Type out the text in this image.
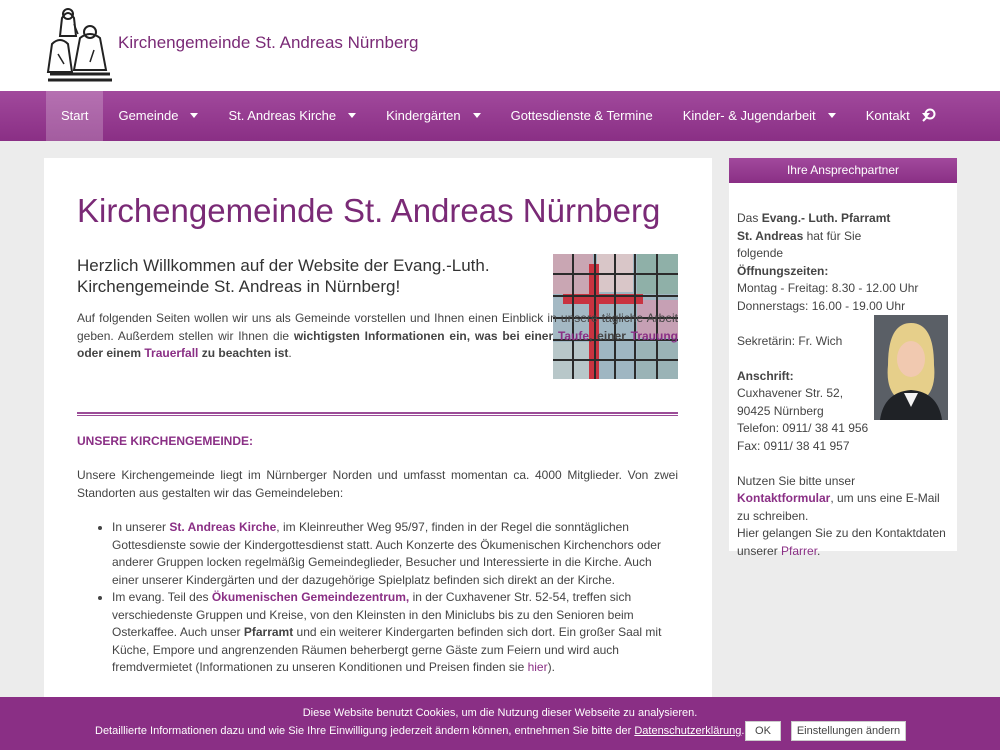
Kirchengemeinde St. Andreas Nürnberg
Start	Gemeinde	St. Andreas Kirche	Kindergärten	Gottesdienste & Termine	Kinder- & Jugendarbeit	Kontakt
Kirchengemeinde St. Andreas Nürnberg
Herzlich Willkommen auf der Website der Evang.-Luth. Kirchengemeinde St. Andreas in Nürnberg!

Auf folgenden Seiten wollen wir uns als Gemeinde vorstellen und Ihnen einen Einblick in unsere tägliche Arbeit geben. Außerdem stellen wir Ihnen die wichtigsten Informationen ein, was bei einer Taufe, einer Trauung oder einem Trauerfall zu beachten ist.

UNSERE KIRCHENGEMEINDE:

Unsere Kirchengemeinde liegt im Nürnberger Norden und umfasst momentan ca. 4000 Mitglieder. Von zwei Standorten aus gestalten wir das Gemeindeleben:

• In unserer St. Andreas Kirche, im Kleinreuther Weg 95/97, finden in der Regel die sonntäglichen Gottesdienste sowie der Kindergottesdienst statt. Auch Konzerte des Ökumenischen Kirchenchors oder anderer Gruppen locken regelmäßig Gemeindeglieder, Besucher und Interessierte in die Kirche. Auch einer unserer Kindergärten und der dazugehörige Spielplatz befinden sich direkt an der Kirche.
• Im evang. Teil des Ökumenischen Gemeindezentrum, in der Cuxhavener Str. 52-54, treffen sich verschiedenste Gruppen und Kreise, von den Kleinsten in den Miniclubs bis zu den Senioren beim Osterkaffee. Auch unser Pfarramt und ein weiterer Kindergarten befinden sich dort. Ein großer Saal mit Küche, Empore und angrenzenden Räumen beherbergt gerne Gäste zum Feiern und wird auch fremdvermietet (Informationen zu unseren Konditionen und Preisen finden sie hier).
Ihre Ansprechpartner
Das Evang.- Luth. Pfarramt St. Andreas hat für Sie folgende
Öffnungszeiten:
Montag - Freitag: 8.30 - 12.00 Uhr
Donnerstags: 16.00 - 19.00 Uhr
Sekretärin: Fr. Wich
Anschrift:
Cuxhavener Str. 52,
90425 Nürnberg
Telefon: 0911/ 38 41 956
Fax: 0911/ 38 41 957
Nutzen Sie bitte unser Kontaktformular, um uns eine E-Mail zu schreiben.
Hier gelangen Sie zu den Kontaktdaten unserer Pfarrer.
Diese Website benutzt Cookies, um die Nutzung dieser Webseite zu analysieren.
Detaillierte Informationen dazu und wie Sie Ihre Einwilligung jederzeit ändern können, entnehmen Sie bitte der Datenschutzerklärung. OK	Einstellungen ändern
